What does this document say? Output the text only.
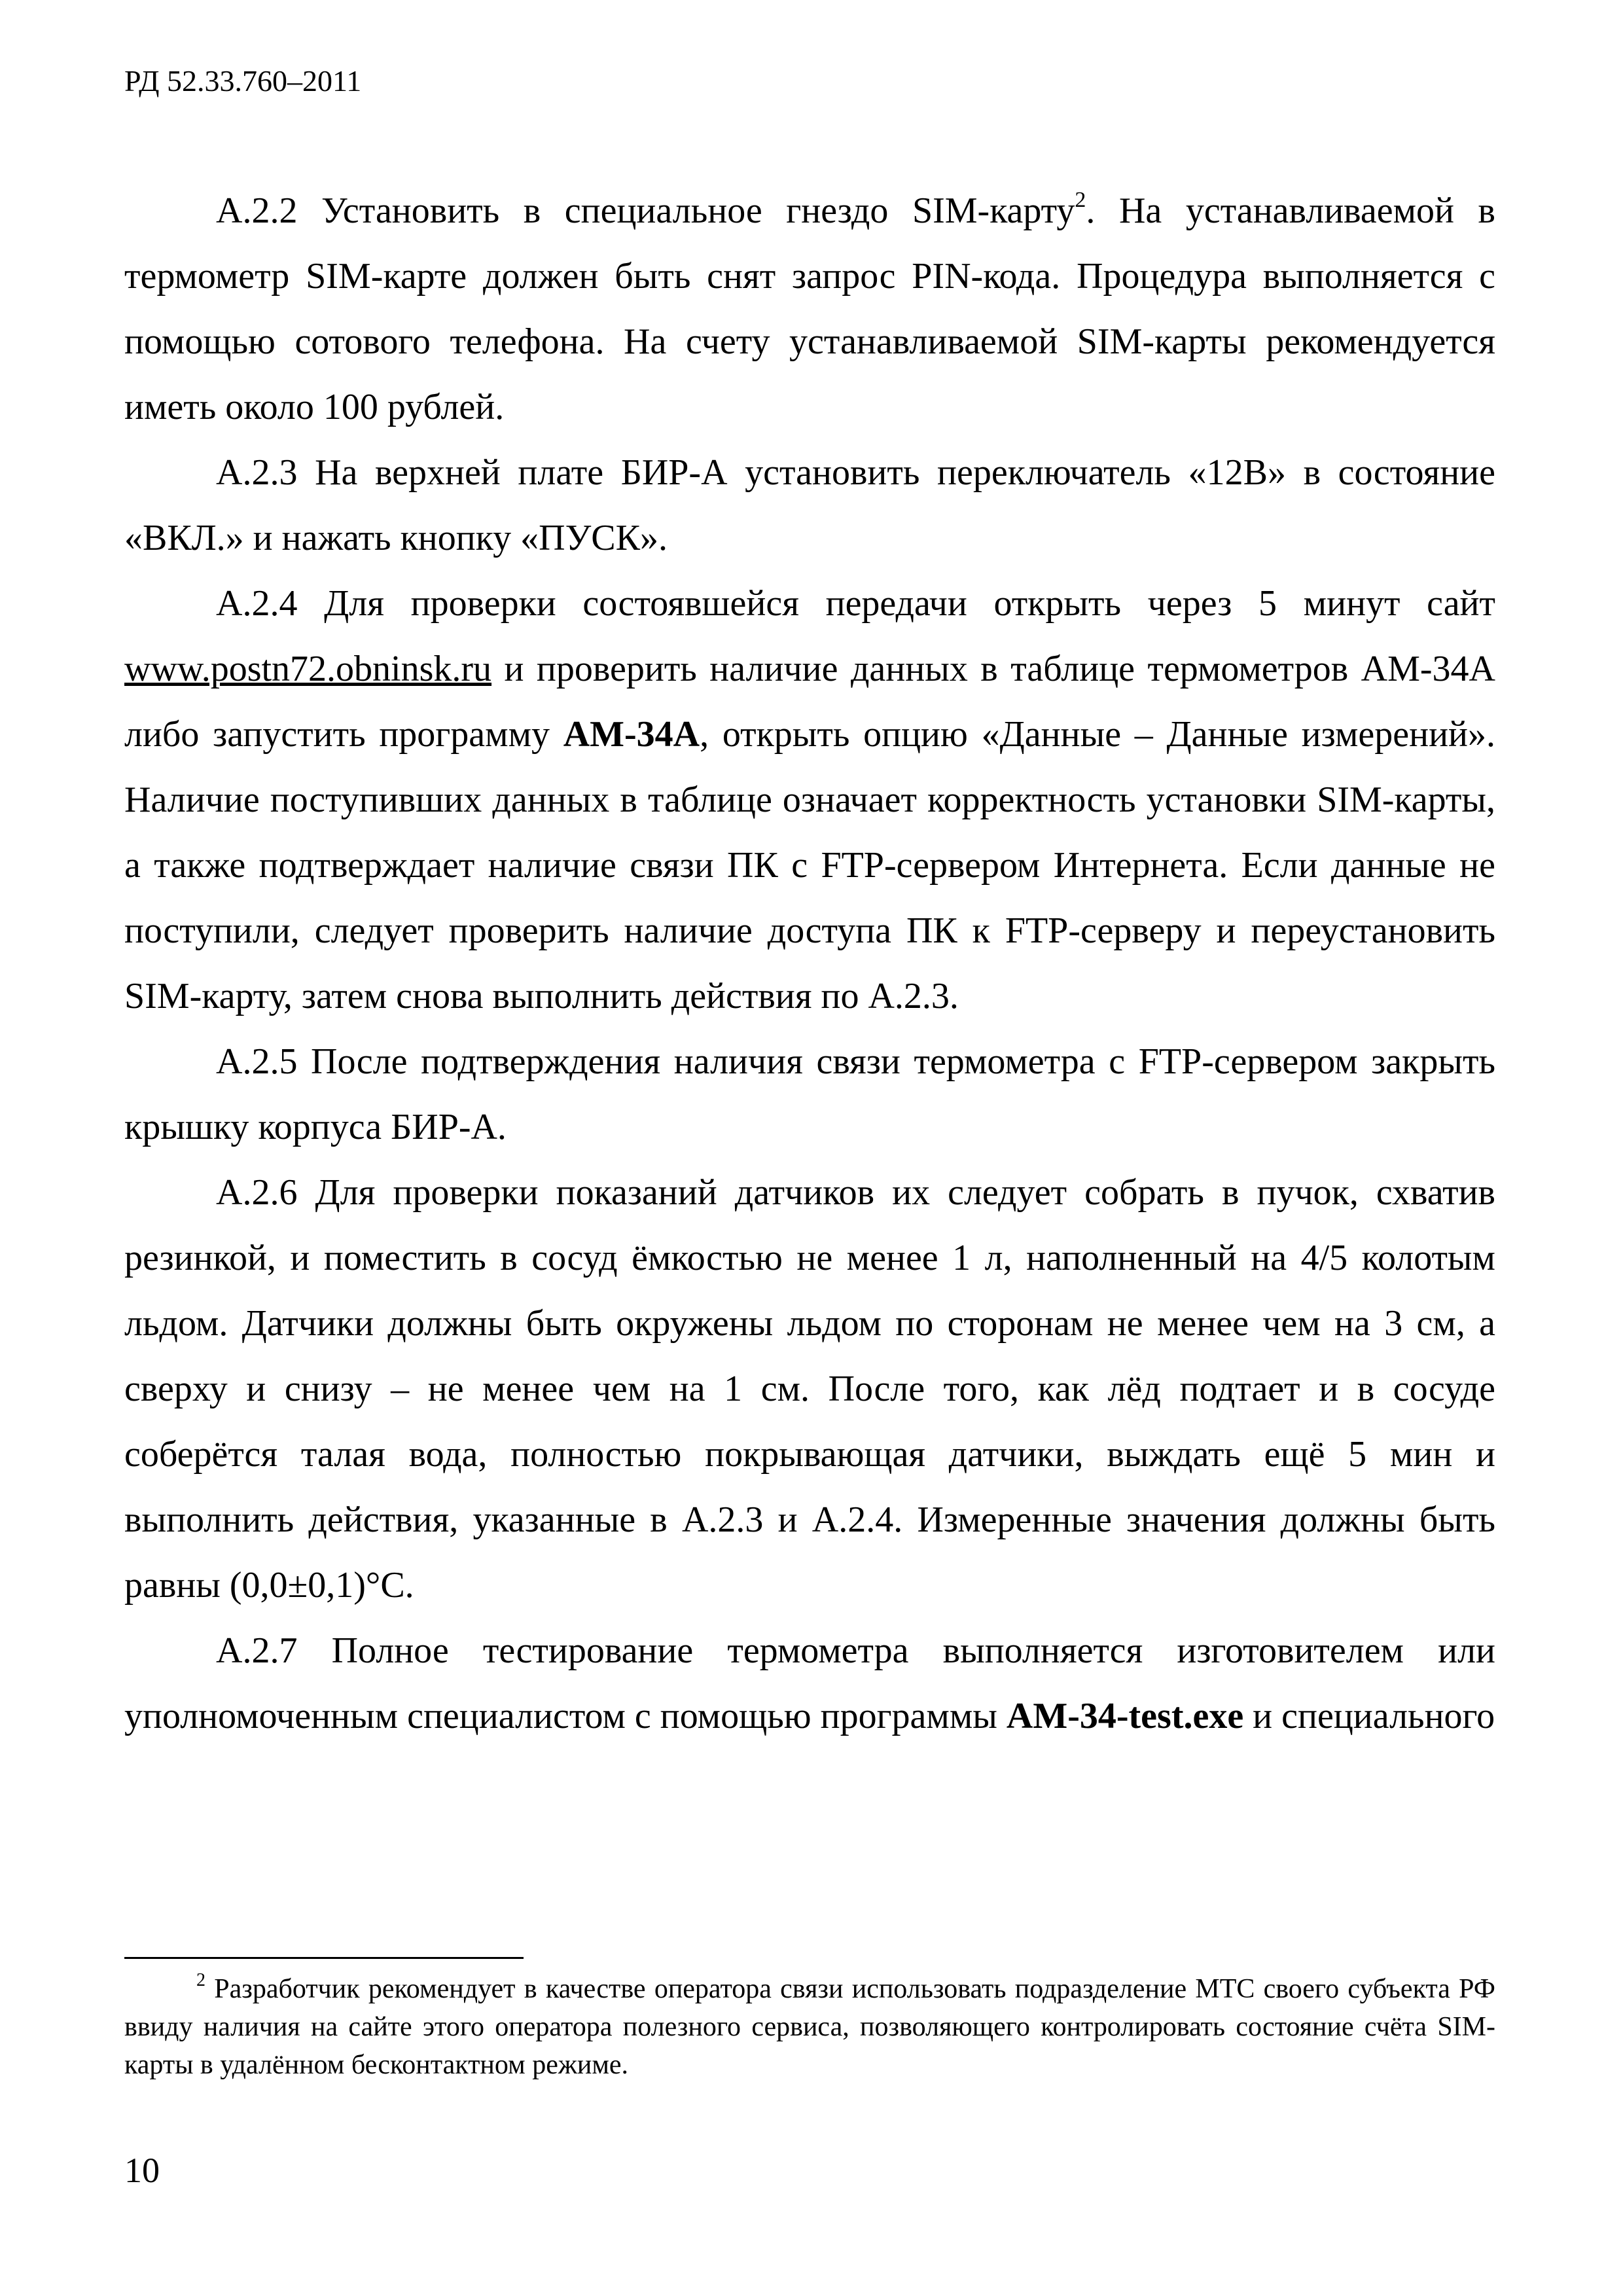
РД 52.33.760–2011

А.2.2 Установить в специальное гнездо SIM-карту$^2$. На устанавливаемой в термометр SIM-карте должен быть снят запрос PIN-кода. Процедура выполняется с помощью сотового телефона. На счету устанавливаемой SIM-карты рекомендуется иметь около 100 рублей.

А.2.3 На верхней плате БИР-А установить переключатель «12В» в состояние «ВКЛ.» и нажать кнопку «ПУСК».

А.2.4 Для проверки состоявшейся передачи открыть через 5 минут сайт www.postn72.obninsk.ru и проверить наличие данных в таблице термометров АМ-34А либо запустить программу АМ-34А, открыть опцию «Данные – Данные измерений». Наличие поступивших данных в таблице означает корректность установки SIM-карты, а также подтверждает наличие связи ПК с FTP-сервером Интернета. Если данные не поступили, следует проверить наличие доступа ПК к FTP-серверу и переустановить SIM-карту, затем снова выполнить действия по А.2.3.

А.2.5 После подтверждения наличия связи термометра с FTP-сервером закрыть крышку корпуса БИР-А.

А.2.6 Для проверки показаний датчиков их следует собрать в пучок, схватив резинкой, и поместить в сосуд ёмкостью не менее 1 л, наполненный на 4/5 колотым льдом. Датчики должны быть окружены льдом по сторонам не менее чем на 3 см, а сверху и снизу – не менее чем на 1 см. После того, как лёд подтает и в сосуде соберётся талая вода, полностью покрывающая датчики, выждать ещё 5 мин и выполнить действия, указанные в А.2.3 и А.2.4. Измеренные значения должны быть равны (0,0±0,1)°С.

А.2.7 Полное тестирование термометра выполняется изготовителем или уполномоченным специалистом с помощью программы АМ-34-test.exe и специального

$^2$ Разработчик рекомендует в качестве оператора связи использовать подразделение МТС своего субъекта РФ ввиду наличия на сайте этого оператора полезного сервиса, позволяющего контролировать состояние счёта SIM-карты в удалённом бесконтактном режиме.

10
